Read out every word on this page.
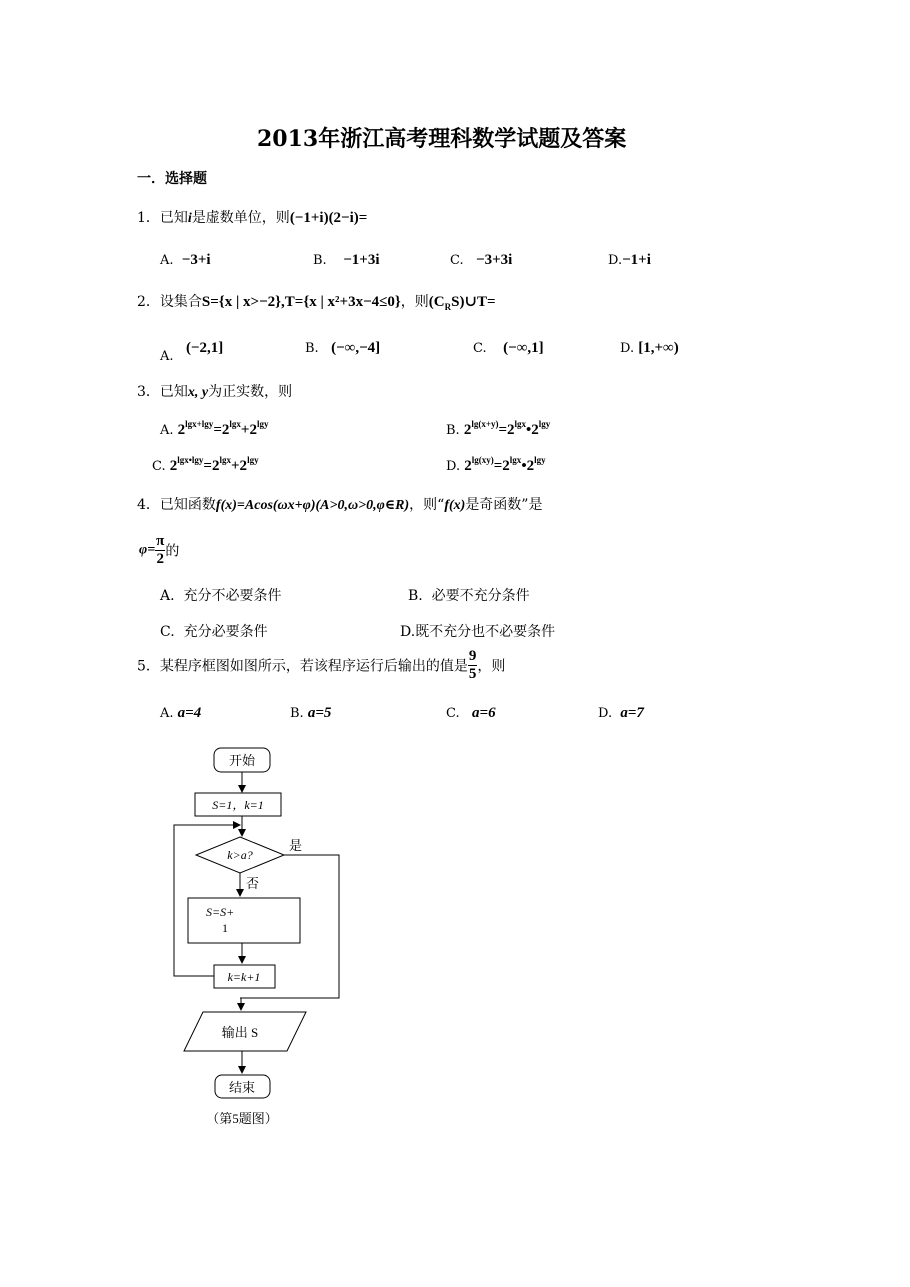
2013年浙江高考理科数学试题及答案
一．选择题
1．已知i是虚数单位，则(−1+i)(2−i)=
A. −3+i	B. −1+3i	C. −3+3i	D.−1+i
2．设集合S={x | x>−2},T={x | x²+3x−4≤0}，则$(C_RS)\cup T=$
A.   (−2,1]	B. (−∞,−4]	C. (−∞,1]	D. [1,+∞)
3．已知x, y为正实数，则
A. $2^{lgx+lgy}=2^{lgx}+2^{lgy}$	B. $2^{lg(x+y)}=2^{lgx}•2^{lgy}$
C. $2^{lgx•lgy}=2^{lgx}+2^{lgy}$	D. $2^{lg(xy)}=2^{lgx}•2^{lgy}$
4．已知函数f(x)=Acos(ωx+φ)(A>0,ω>0,φ∈R)，则“f(x)是奇函数”是
$\varphi= \frac{\pi}{2}$ 的
A. 充分不必要条件	B. 必要不充分条件
C. 充分必要条件	D.既不充分也不必要条件
5．某程序框图如图所示，若该程序运行后输出的值是 $\frac{9}{5}$ ，则
A. a=4	B. a=5	C. a=6	D. a=7
开始
S=1，k=1
k>a?
是
否
S=S+
1
k=k+1
输出 S
结束
（第5题图）
